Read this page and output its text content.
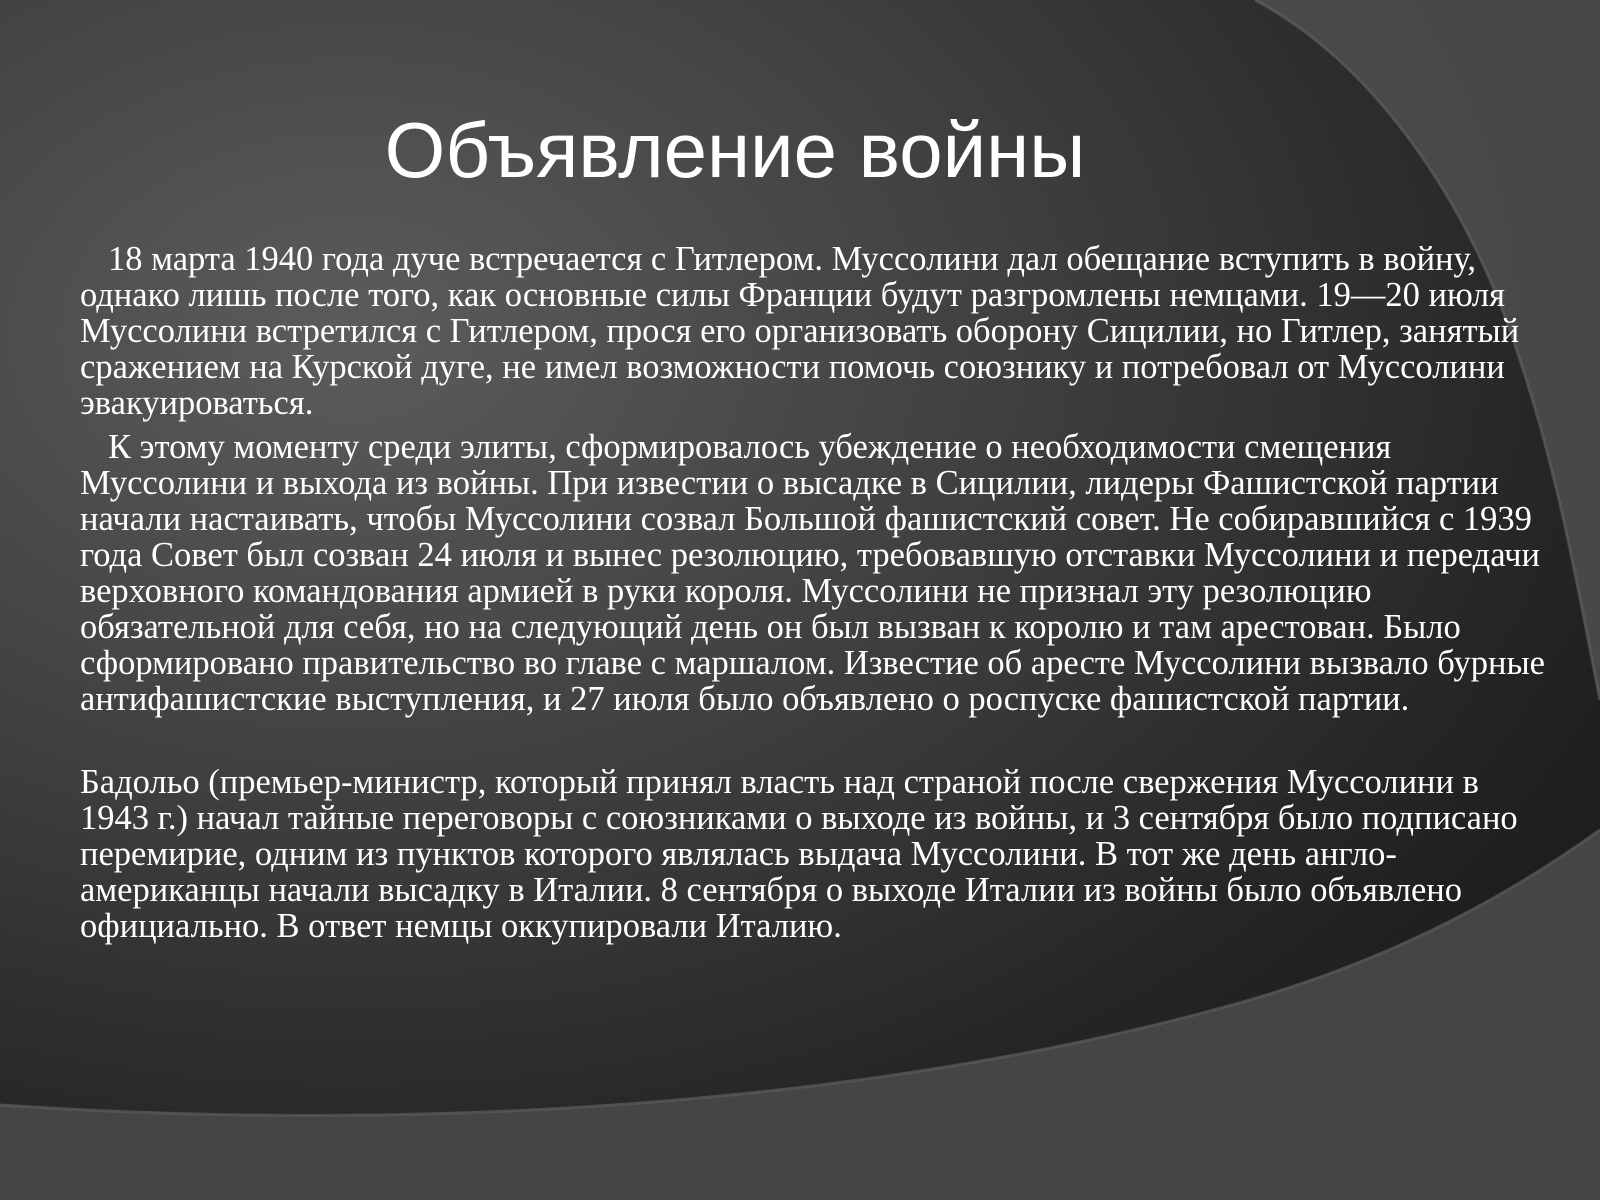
Объявление войны

18 марта 1940 года дуче встречается с Гитлером. Муссолини дал обещание вступить в войну, однако лишь после того, как основные силы Франции будут разгромлены немцами. 19—20 июля Муссолини встретился с Гитлером, прося его организовать оборону Сицилии, но Гитлер, занятый сражением на Курской дуге, не имел возможности помочь союзнику и потребовал от Муссолини эвакуироваться.

К этому моменту среди элиты, сформировалось убеждение о необходимости смещения Муссолини и выхода из войны. При известии о высадке в Сицилии, лидеры Фашистской партии начали настаивать, чтобы Муссолини созвал Большой фашистский совет. Не собиравшийся с 1939 года Совет был созван 24 июля и вынес резолюцию, требовавшую отставки Муссолини и передачи верховного командования армией в руки короля. Муссолини не признал эту резолюцию обязательной для себя, но на следующий день он был вызван к королю и там арестован. Было сформировано правительство во главе с маршалом. Известие об аресте Муссолини вызвало бурные антифашистские выступления, и 27 июля было объявлено о роспуске фашистской партии.

Бадольо (премьер-министр, который принял власть над страной после свержения Муссолини в 1943 г.) начал тайные переговоры с союзниками о выходе из войны, и 3 сентября было подписано перемирие, одним из пунктов которого являлась выдача Муссолини. В тот же день англо-американцы начали высадку в Италии. 8 сентября о выходе Италии из войны было объявлено официально. В ответ немцы оккупировали Италию.
